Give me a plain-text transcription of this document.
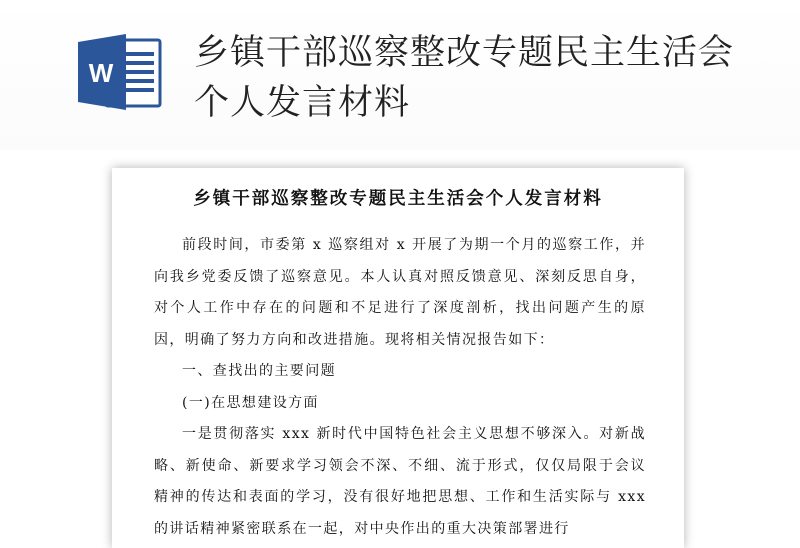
W 乡镇干部巡察整改专题民主生活会个人发言材料
乡镇干部巡察整改专题民主生活会个人发言材料

前段时间，市委第 x 巡察组对 x 开展了为期一个月的巡察工作，并向我乡党委反馈了巡察意见。本人认真对照反馈意见、深刻反思自身，对个人工作中存在的问题和不足进行了深度剖析，找出问题产生的原因，明确了努力方向和改进措施。现将相关情况报告如下：

一、查找出的主要问题

(一)在思想建设方面

一是贯彻落实 xxx 新时代中国特色社会主义思想不够深入。对新战略、新使命、新要求学习领会不深、不细、流于形式，仅仅局限于会议精神的传达和表面的学习，没有很好地把思想、工作和生活实际与 xxx 的讲话精神紧密联系在一起，对中央作出的重大决策部署进行
